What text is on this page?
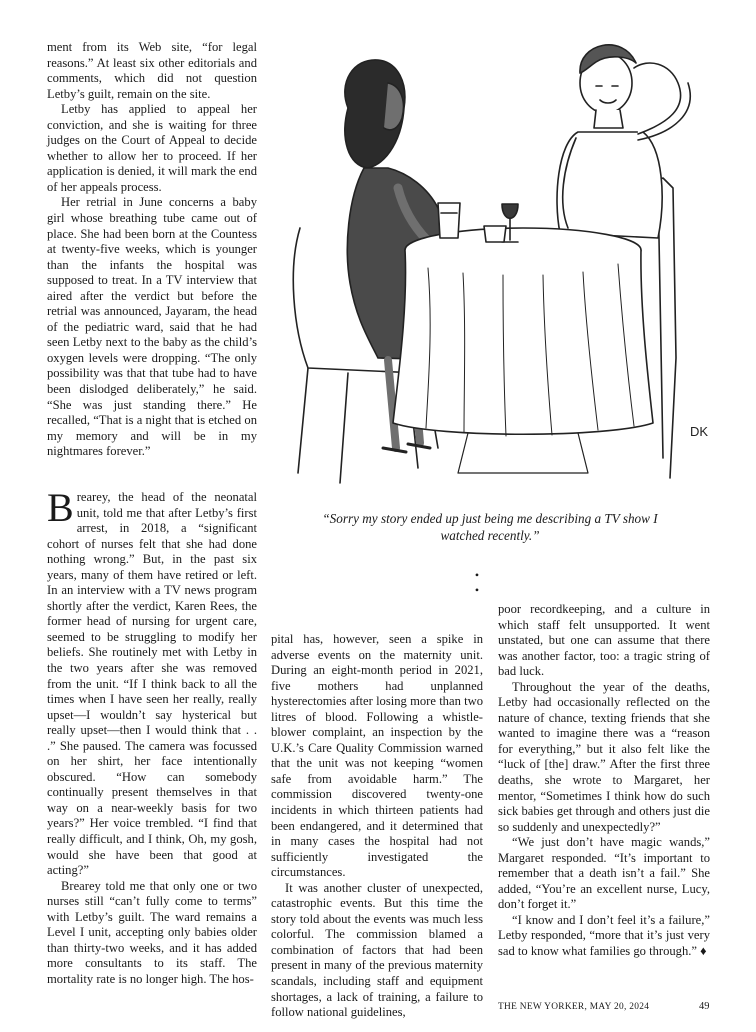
ment from its Web site, “for legal reasons.” At least six other editorials and comments, which did not question Letby’s guilt, remain on the site.

Letby has applied to appeal her conviction, and she is waiting for three judges on the Court of Appeal to decide whether to allow her to proceed. If her application is denied, it will mark the end of her appeals process.

Her retrial in June concerns a baby girl whose breathing tube came out of place. She had been born at the Countess at twenty-five weeks, which is younger than the infants the hospital was supposed to treat. In a TV interview that aired after the verdict but before the retrial was announced, Jayaram, the head of the pediatric ward, said that he had seen Letby next to the baby as the child’s oxygen levels were dropping. “The only possibility was that that tube had to have been dislodged deliberately,” he said. “She was just standing there.” He recalled, “That is a night that is etched on my memory and will be in my nightmares forever.”

Brearey, the head of the neonatal unit, told me that after Letby’s first arrest, in 2018, a “significant cohort of nurses felt that she had done nothing wrong.” But, in the past six years, many of them have retired or left. In an interview with a TV news program shortly after the verdict, Karen Rees, the former head of nursing for urgent care, seemed to be struggling to modify her beliefs. She routinely met with Letby in the two years after she was removed from the unit. “If I think back to all the times when I have seen her really, really upset—I wouldn’t say hysterical but really upset—then I would think that . . .” She paused. The camera was focussed on her shirt, her face intentionally obscured. “How can somebody continually present themselves in that way on a near-weekly basis for two years?” Her voice trembled. “I find that really difficult, and I think, Oh, my gosh, would she have been that good at acting?”

Brearey told me that only one or two nurses still “can’t fully come to terms” with Letby’s guilt. The ward remains a Level I unit, accepting only babies older than thirty-two weeks, and it has added more consultants to its staff. The mortality rate is no longer high. The hos-

DK

“Sorry my story ended up just being me describing a TV show I watched recently.”

• •

pital has, however, seen a spike in adverse events on the maternity unit. During an eight-month period in 2021, five mothers had unplanned hysterectomies after losing more than two litres of blood. Following a whistle-blower complaint, an inspection by the U.K.’s Care Quality Commission warned that the unit was not keeping “women safe from avoidable harm.” The commission discovered twenty-one incidents in which thirteen patients had been endangered, and it determined that in many cases the hospital had not sufficiently investigated the circumstances.

It was another cluster of unexpected, catastrophic events. But this time the story told about the events was much less colorful. The commission blamed a combination of factors that had been present in many of the previous maternity scandals, including staff and equipment shortages, a lack of training, a failure to follow national guidelines,

poor recordkeeping, and a culture in which staff felt unsupported. It went unstated, but one can assume that there was another factor, too: a tragic string of bad luck.

Throughout the year of the deaths, Letby had occasionally reflected on the nature of chance, texting friends that she wanted to imagine there was a “reason for everything,” but it also felt like the “luck of [the] draw.” After the first three deaths, she wrote to Margaret, her mentor, “Sometimes I think how do such sick babies get through and others just die so suddenly and unexpectedly?”

“We just don’t have magic wands,” Margaret responded. “It’s important to remember that a death isn’t a fail.” She added, “You’re an excellent nurse, Lucy, don’t forget it.”

“I know and I don’t feel it’s a failure,” Letby responded, “more that it’s just very sad to know what families go through.” ♦

THE NEW YORKER, MAY 20, 2024	49
